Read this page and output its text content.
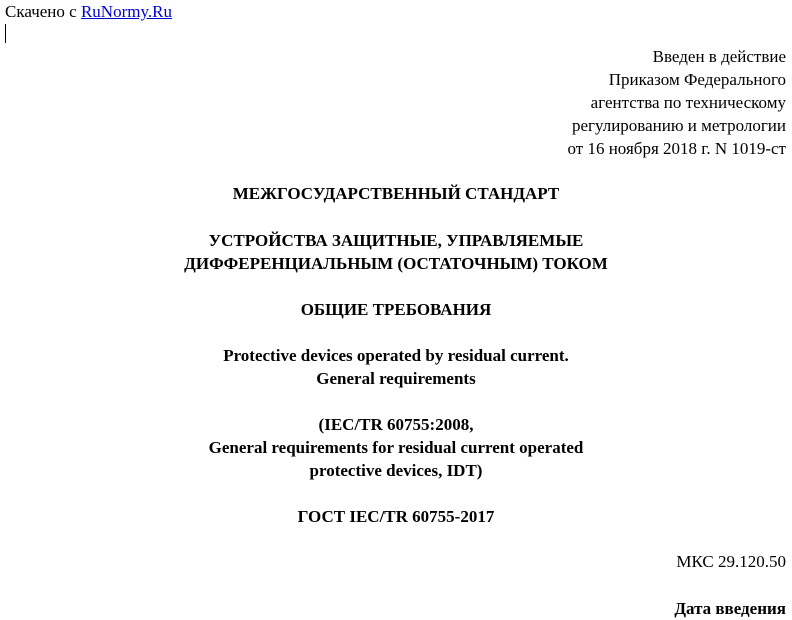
Скачено с RuNormy.Ru
Введен в действие
Приказом Федерального
агентства по техническому
регулированию и метрологии
от 16 ноября 2018 г. N 1019-ст
МЕЖГОСУДАРСТВЕННЫЙ СТАНДАРТ
УСТРОЙСТВА ЗАЩИТНЫЕ, УПРАВЛЯЕМЫЕ
ДИФФЕРЕНЦИАЛЬНЫМ (ОСТАТОЧНЫМ) ТОКОМ
ОБЩИЕ ТРЕБОВАНИЯ
Protective devices operated by residual current.
General requirements
(IEC/TR 60755:2008,
General requirements for residual current operated
protective devices, IDT)
ГОСТ IEC/TR 60755-2017
МКС 29.120.50
Дата введения
